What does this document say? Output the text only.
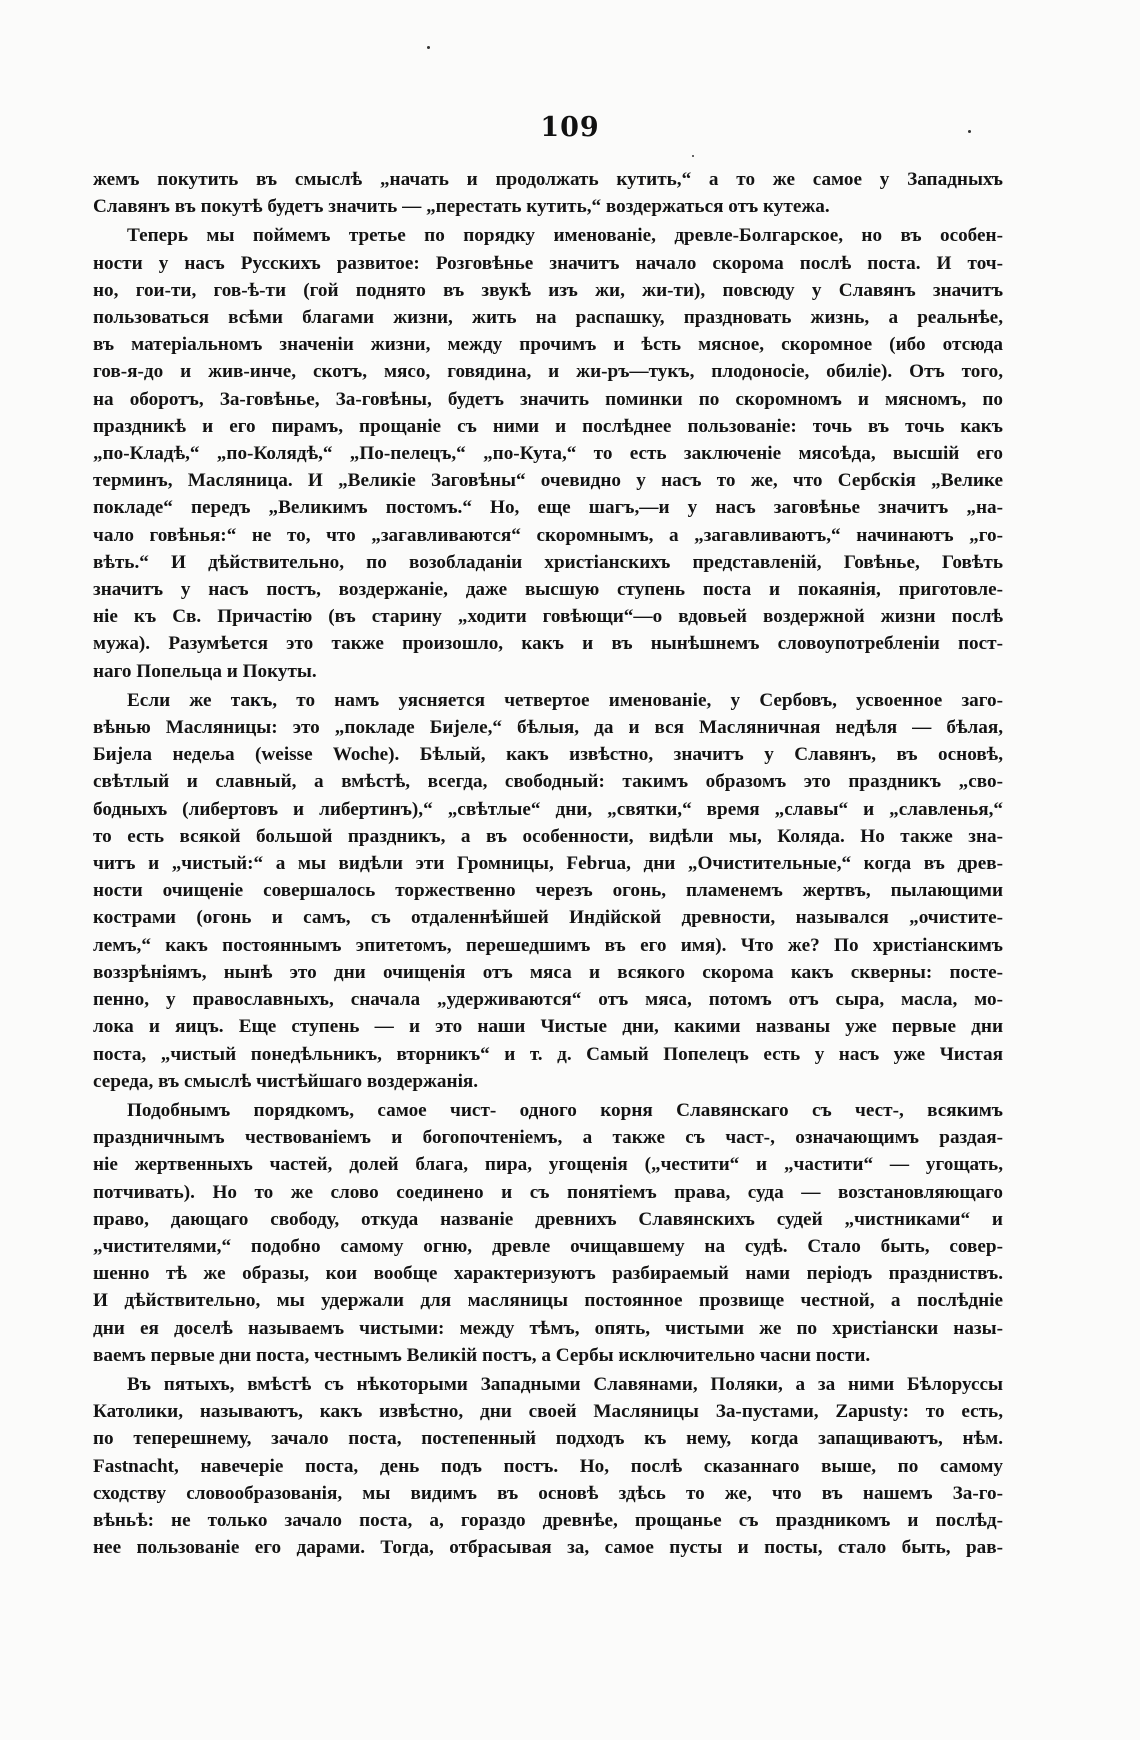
109
жемъ покутить въ смыслѣ „начать и продолжать кутить,“ а то же самое у Западныхъ
Славянъ въ покутѣ будетъ значить — „перестать кутить,“ воздержаться отъ кутежа.
Теперь мы поймемъ третье по порядку именованіе, древле-Болгарское, но въ особен-
ности у насъ Русскихъ развитое: Розговѣнье значитъ начало скорома послѣ поста. И точ-
но, гои-ти, гов-ѣ-ти (гой поднято въ звукѣ изъ жи, жи-ти), повсюду у Славянъ значитъ
пользоваться всѣми благами жизни, жить на распашку, праздновать жизнь, а реальнѣе,
въ матеріальномъ значеніи жизни, между прочимъ и ѣсть мясное, скоромное (ибо отсюда
гов-я-до и жив-инче, скотъ, мясо, говядина, и жи-ръ—тукъ, плодоносіе, обиліе). Отъ того,
на оборотъ, За-говѣнье, За-говѣны, будетъ значить поминки по скоромномъ и мясномъ, по
праздникѣ и его пирамъ, прощаніе съ ними и послѣднее пользованіе: точь въ точь какъ
„по-Кладѣ,“ „по-Колядѣ,“ „По-пелецъ,“ „по-Кута,“ то есть заключеніе мясоѣда, высшій его
терминъ, Масляница. И „Великіе Заговѣны“ очевидно у насъ то же, что Сербскія „Велике
покладе“ передъ „Великимъ постомъ.“ Но, еще шагъ,—и у насъ заговѣнье значитъ „на-
чало говѣнья:“ не то, что „загавливаются“ скоромнымъ, а „загавливаютъ,“ начинаютъ „го-
вѣть.“ И дѣйствительно, по возобладаніи христіанскихъ представленій, Говѣнье, Говѣть
значитъ у насъ постъ, воздержаніе, даже высшую ступень поста и покаянія, приготовле-
ніе къ Св. Причастію (въ старину „ходити говѣющи“—о вдовьей воздержной жизни послѣ
мужа). Разумѣется это также произошло, какъ и въ нынѣшнемъ словоупотребленіи пост-
наго Попельца и Покуты.
Если же такъ, то намъ уясняется четвертое именованіе, у Сербовъ, усвоенное заго-
вѣнью Масляницы: это „покладе Бијеле,“ бѣлыя, да и вся Масляничная недѣля — бѣлая,
Бијела недеља (weisse Woche). Бѣлый, какъ извѣстно, значитъ у Славянъ, въ основѣ,
свѣтлый и славный, а вмѣстѣ, всегда, свободный: такимъ образомъ это праздникъ „сво-
бодныхъ (либертовъ и либертинъ),“ „свѣтлые“ дни, „святки,“ время „славы“ и „славленья,“
то есть всякой большой праздникъ, а въ особенности, видѣли мы, Коляда. Но также зна-
читъ и „чистый:“ а мы видѣли эти Громницы, Februa, дни „Очистительные,“ когда въ древ-
ности очищеніе совершалось торжественно черезъ огонь, пламенемъ жертвъ, пылающими
кострами (огонь и самъ, съ отдаленнѣйшей Индійской древности, назывался „очистите-
лемъ,“ какъ постояннымъ эпитетомъ, перешедшимъ въ его имя). Что же? По христіанскимъ
воззрѣніямъ, нынѣ это дни очищенія отъ мяса и всякого скорома какъ скверны: посте-
пенно, у православныхъ, сначала „удерживаются“ отъ мяса, потомъ отъ сыра, масла, мо-
лока и яицъ. Еще ступень — и это наши Чистые дни, какими названы уже первые дни
поста, „чистый понедѣльникъ, вторникъ“ и т. д. Самый Попелецъ есть у насъ уже Чистая
середа, въ смыслѣ чистѣйшаго воздержанія.
Подобнымъ порядкомъ, самое чист- одного корня Славянскаго съ чест-, всякимъ
праздничнымъ чествованіемъ и богопочтеніемъ, а также съ част-, означающимъ раздая-
ніе жертвенныхъ частей, долей блага, пира, угощенія („честити“ и „частити“ — угощать,
потчивать). Но то же слово соединено и съ понятіемъ права, суда — возстановляющаго
право, дающаго свободу, откуда названіе древнихъ Славянскихъ судей „чистниками“ и
„чистителями,“ подобно самому огню, древле очищавшему на судѣ. Стало быть, совер-
шенно тѣ же образы, кои вообще характеризуютъ разбираемый нами періодъ праздниствъ.
И дѣйствительно, мы удержали для масляницы постоянное прозвище честной, а послѣдніе
дни ея доселѣ называемъ чистыми: между тѣмъ, опять, чистыми же по христіански назы-
ваемъ первые дни поста, честнымъ Великій постъ, а Сербы исключительно часни пости.
Въ пятыхъ, вмѣстѣ съ нѣкоторыми Западными Славянами, Поляки, а за ними Бѣлоруссы
Католики, называютъ, какъ извѣстно, дни своей Масляницы За-пустами, Zapusty: то есть,
по теперешнему, зачало поста, постепенный подходъ къ нему, когда запащиваютъ, нѣм.
Fastnacht, навечеріе поста, день подъ постъ. Но, послѣ сказаннаго выше, по самому
сходству словообразованія, мы видимъ въ основѣ здѣсь то же, что въ нашемъ За-го-
вѣньѣ: не только зачало поста, а, гораздо древнѣе, прощанье съ праздникомъ и послѣд-
нее пользованіе его дарами. Тогда, отбрасывая за, самое пусты и посты, стало быть, рав-
